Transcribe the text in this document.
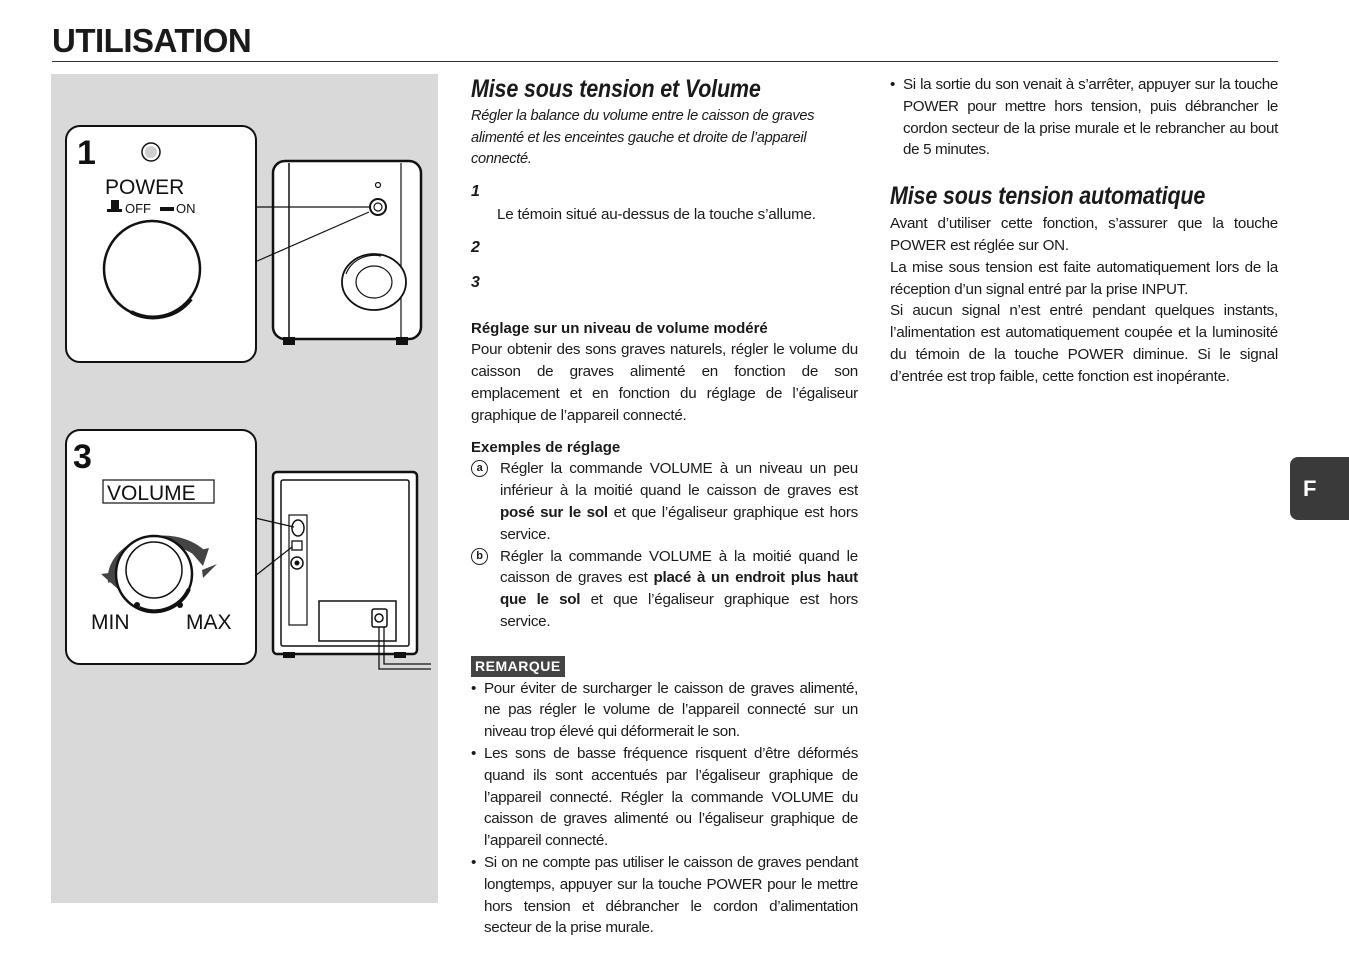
UTILISATION
1
POWER
OFF ON
3
VOLUME
MIN	MAX
Mise sous tension et Volume

Régler la balance du volume entre le caisson de graves alimenté et les enceintes gauche et droite de l’appareil connecté.

1
Le témoin situé au-dessus de la touche s’allume.
2
3
Réglage sur un niveau de volume modéré

Pour obtenir des sons graves naturels, régler le volume du caisson de graves alimenté en fonction de son emplacement et en fonction du réglage de l’égaliseur graphique de l’appareil connecté.

Exemples de réglage
a	Régler la commande VOLUME à un niveau un peu inférieur à la moitié quand le caisson de graves est posé sur le sol et que l’égaliseur graphique est hors service.
b	Régler la commande VOLUME à la moitié quand le caisson de graves est placé à un endroit plus haut que le sol et que l’égaliseur graphique est hors service.
REMARQUE
• Pour éviter de surcharger le caisson de graves alimenté, ne pas régler le volume de l’appareil connecté sur un niveau trop élevé qui déformerait le son.
• Les sons de basse fréquence risquent d’être déformés quand ils sont accentués par l’égaliseur graphique de l’appareil connecté. Régler la commande VOLUME du caisson de graves alimenté ou l’égaliseur graphique de l’appareil connecté.
• Si on ne compte pas utiliser le caisson de graves pendant longtemps, appuyer sur la touche POWER pour le mettre hors tension et débrancher le cordon d’alimentation secteur de la prise murale.
• Si la sortie du son venait à s’arrêter, appuyer sur la touche POWER pour mettre hors tension, puis débrancher le cordon secteur de la prise murale et le rebrancher au bout de 5 minutes.
Mise sous tension automatique

Avant d’utiliser cette fonction, s’assurer que la touche POWER est réglée sur ON.

La mise sous tension est faite automatiquement lors de la réception d’un signal entré par la prise INPUT.

Si aucun signal n’est entré pendant quelques instants, l’alimentation est automatiquement coupée et la luminosité du témoin de la touche POWER diminue. Si le signal d’entrée est trop faible, cette fonction est inopérante.

F
